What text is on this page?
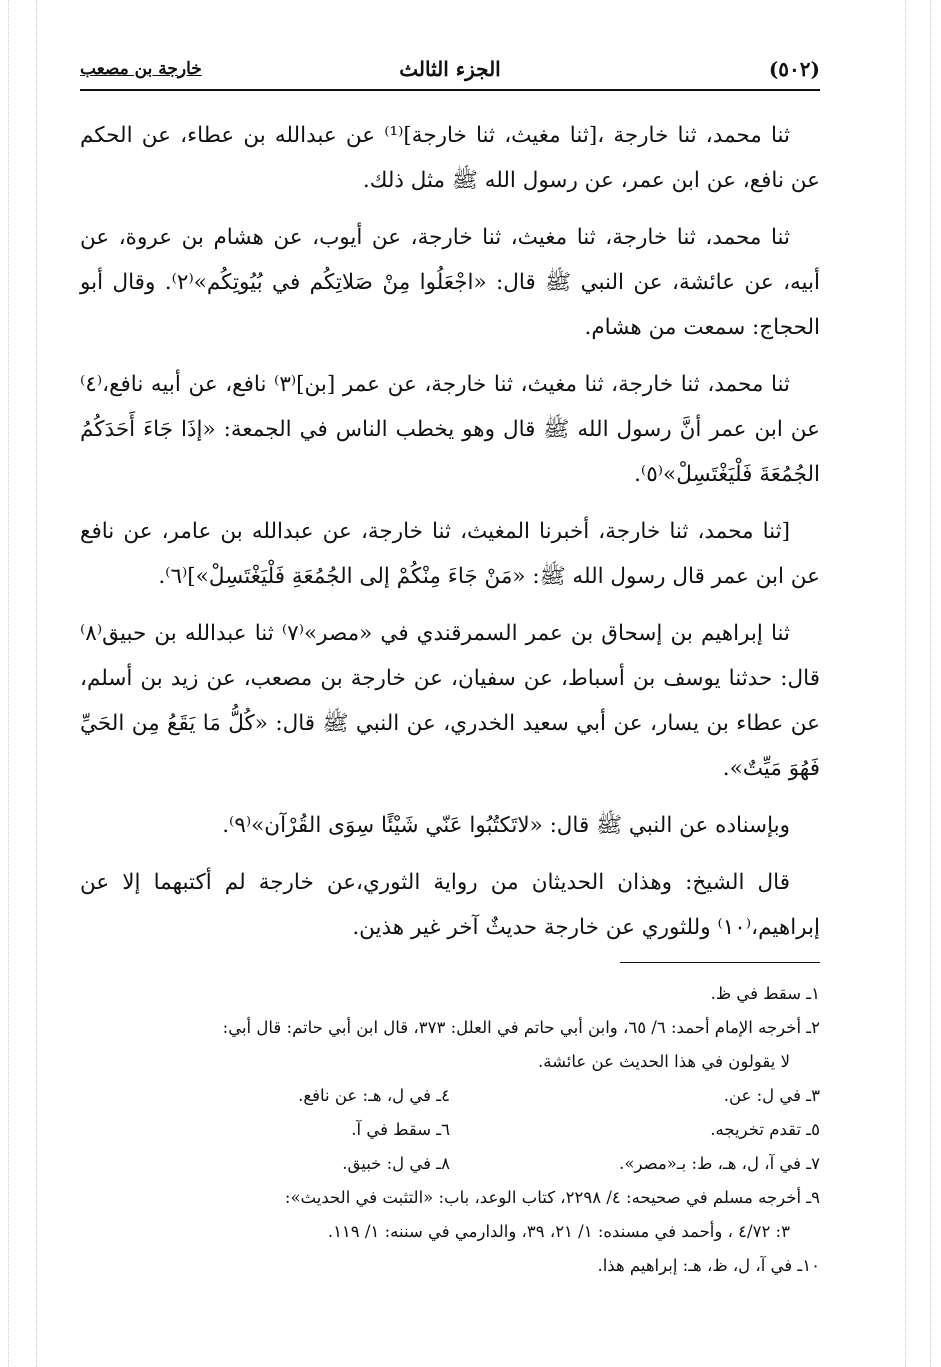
(٥٠٢)
الجزء الثالث
خارجة بن مصعب

ثنا محمد، ثنا خارجة ،[ثنا مغيث، ثنا خارجة]⁽¹⁾ عن عبدالله بن عطاء، عن الحكم عن نافع، عن ابن عمر، عن رسول الله ﷺ مثل ذلك.

ثنا محمد، ثنا خارجة، ثنا مغيث، ثنا خارجة، عن أيوب، عن هشام بن عروة، عن أبيه، عن عائشة، عن النبي ﷺ قال: «اجْعَلُوا مِنْ صَلاتِكُم في بُيُوتِكُم»⁽٢⁾. وقال أبو الحجاج: سمعت من هشام.

ثنا محمد، ثنا خارجة، ثنا مغيث، ثنا خارجة، عن عمر [بن]⁽٣⁾ نافع، عن أبيه نافع،⁽٤⁾ عن ابن عمر أنَّ رسول الله ﷺ قال وهو يخطب الناس في الجمعة: «إذَا جَاءَ أَحَدَكُمُ الجُمُعَةَ فَلْيَغْتَسِلْ»⁽٥⁾.

[ثنا محمد، ثنا خارجة، أخبرنا المغيث، ثنا خارجة، عن عبدالله بن عامر، عن نافع عن ابن عمر قال رسول الله ﷺ: «مَنْ جَاءَ مِنْكُمْ إلى الجُمُعَةِ فَلْيَغْتَسِلْ»]⁽٦⁾.

ثنا إبراهيم بن إسحاق بن عمر السمرقندي في «مصر»⁽٧⁾ ثنا عبدالله بن حبيق⁽٨⁾قال: حدثنا يوسف بن أسباط، عن سفيان، عن خارجة بن مصعب، عن زيد بن أسلم، عن عطاء بن يسار، عن أبي سعيد الخدري، عن النبي ﷺ قال: «كُلُّ مَا يَقَعُ مِن الحَيِّ فَهُوَ مَيِّتٌ».

وبإسناده عن النبي ﷺ قال: «لاتَكتُبُوا عَنّي شَيْئًا سِوَى القُرْآن»⁽٩⁾.

قال الشيخ: وهذان الحديثان من رواية الثوري،عن خارجة لم أكتبهما إلا عن إبراهيم،⁽١٠⁾ وللثوري عن خارجة حديثٌ آخر غير هذين.

١ـ سقط في ظ.

٢ـ أخرجه الإمام أحمد: ٦/ ٦٥، وابن أبي حاتم في العلل: ٣٧٣، قال ابن أبي حاتم: قال أبي:

لا يقولون في هذا الحديث عن عائشة.

٣ـ في ل: عن.

٤ـ في ل، هـ: عن نافع.

٥ـ تقدم تخريجه.

٦ـ سقط في آ.

٧ـ في آ، ل، هـ، ط: بـ«مصر».

٨ـ في ل: خبيق.

٩ـ أخرجه مسلم في صحيحه: ٤/ ٢٢٩٨، كتاب الوعد، باب: «التثبت في الحديث»:

٣: ٤/٧٢ ، وأحمد في مسنده: ١/ ٢١، ٣٩، والدارمي في سننه: ١/ ١١٩.

١٠ـ في آ، ل، ظ، هـ: إبراهيم هذا.
